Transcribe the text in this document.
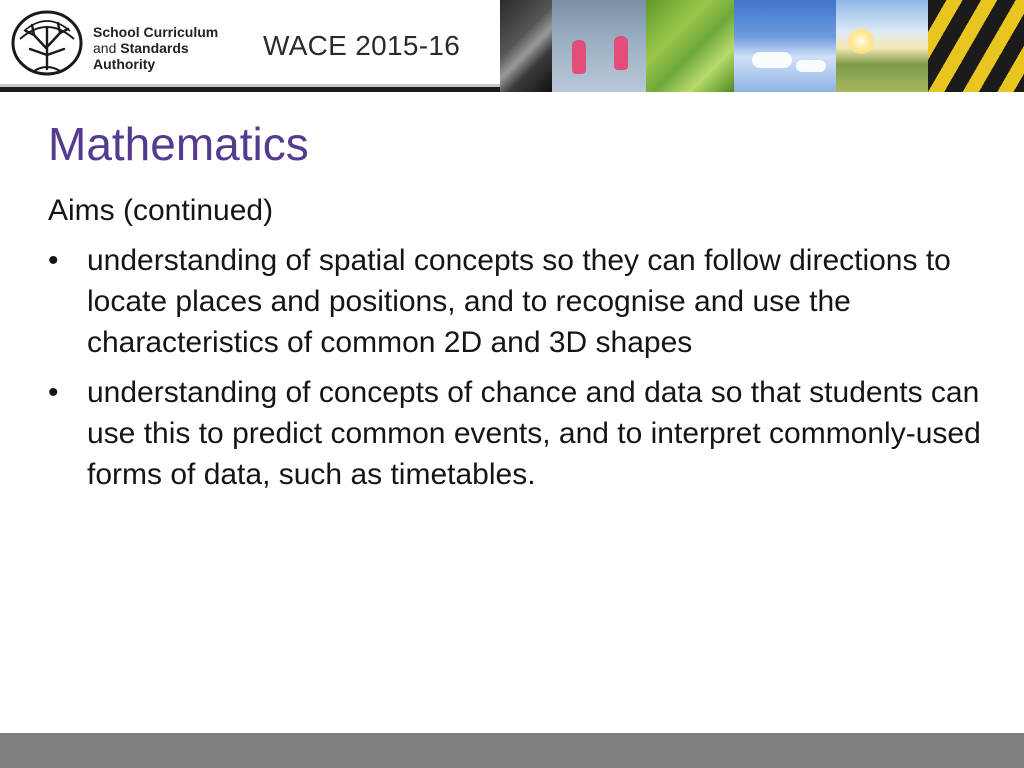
School Curriculum
and Standards
Authority
WACE 2015-16
Mathematics

Aims (continued)

• understanding of spatial concepts so they can follow directions to locate places and positions, and to recognise and use the characteristics of common 2D and 3D shapes
• understanding of concepts of chance and data so that students can use this to predict common events, and to interpret commonly-used forms of data, such as timetables.
